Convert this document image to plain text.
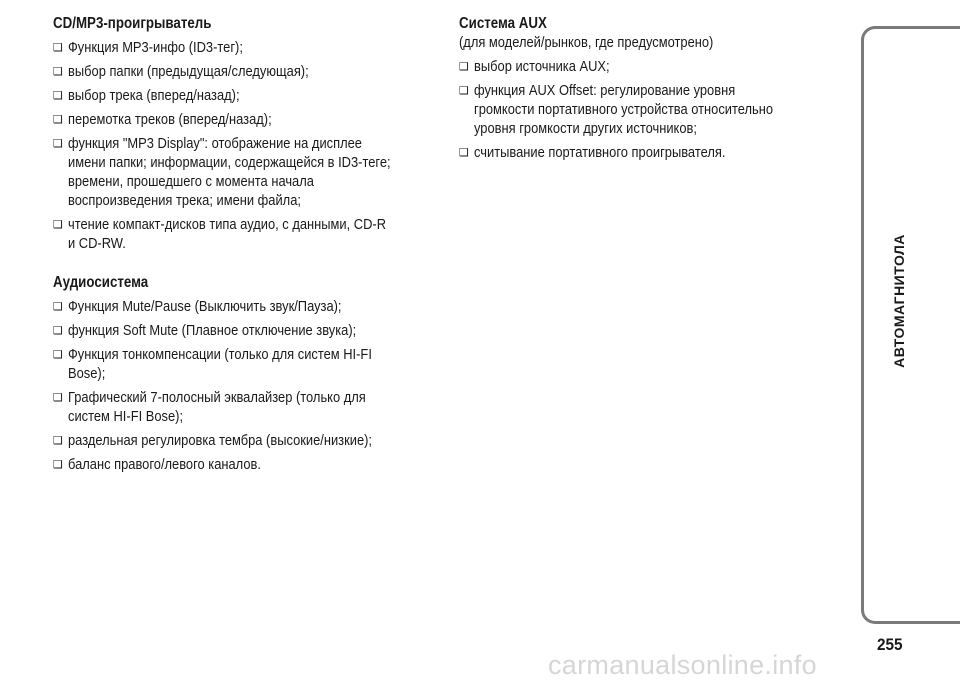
CD/MP3-проигрыватель
❑
Функция MP3-инфо (ID3-тег);
❑
выбор папки (предыдущая/следующая);
❑
выбор трека (вперед/назад);
❑
перемотка треков (вперед/назад);
❑
функция "MP3 Display": отображение на дисплее имени папки; информации, содержащейся в ID3-теге; времени, прошедшего с момента начала воспроизведения трека; имени файла;
❑
чтение компакт-дисков типа аудио, с данными, CD-R и CD-RW.
Аудиосистема
❑
Функция Mute/Pause (Выключить звук/Пауза);
❑
функция Soft Mute (Плавное отключение звука);
❑
Функция тонкомпенсации (только для систем HI-FI Bose);
❑
Графический 7-полосный эквалайзер (только для систем HI-FI Bose);
❑
раздельная регулировка тембра (высокие/низкие);
❑
баланс правого/левого каналов.
Система AUX

(для моделей/рынков, где предусмотрено)

❑
выбор источника AUX;
❑
функция AUX Offset: регулирование уровня громкости портативного устройства относительно уровня громкости других источников;
❑
считывание портативного проигрывателя.
АВТОМАГНИТОЛА
255
carmanualsonline.info
